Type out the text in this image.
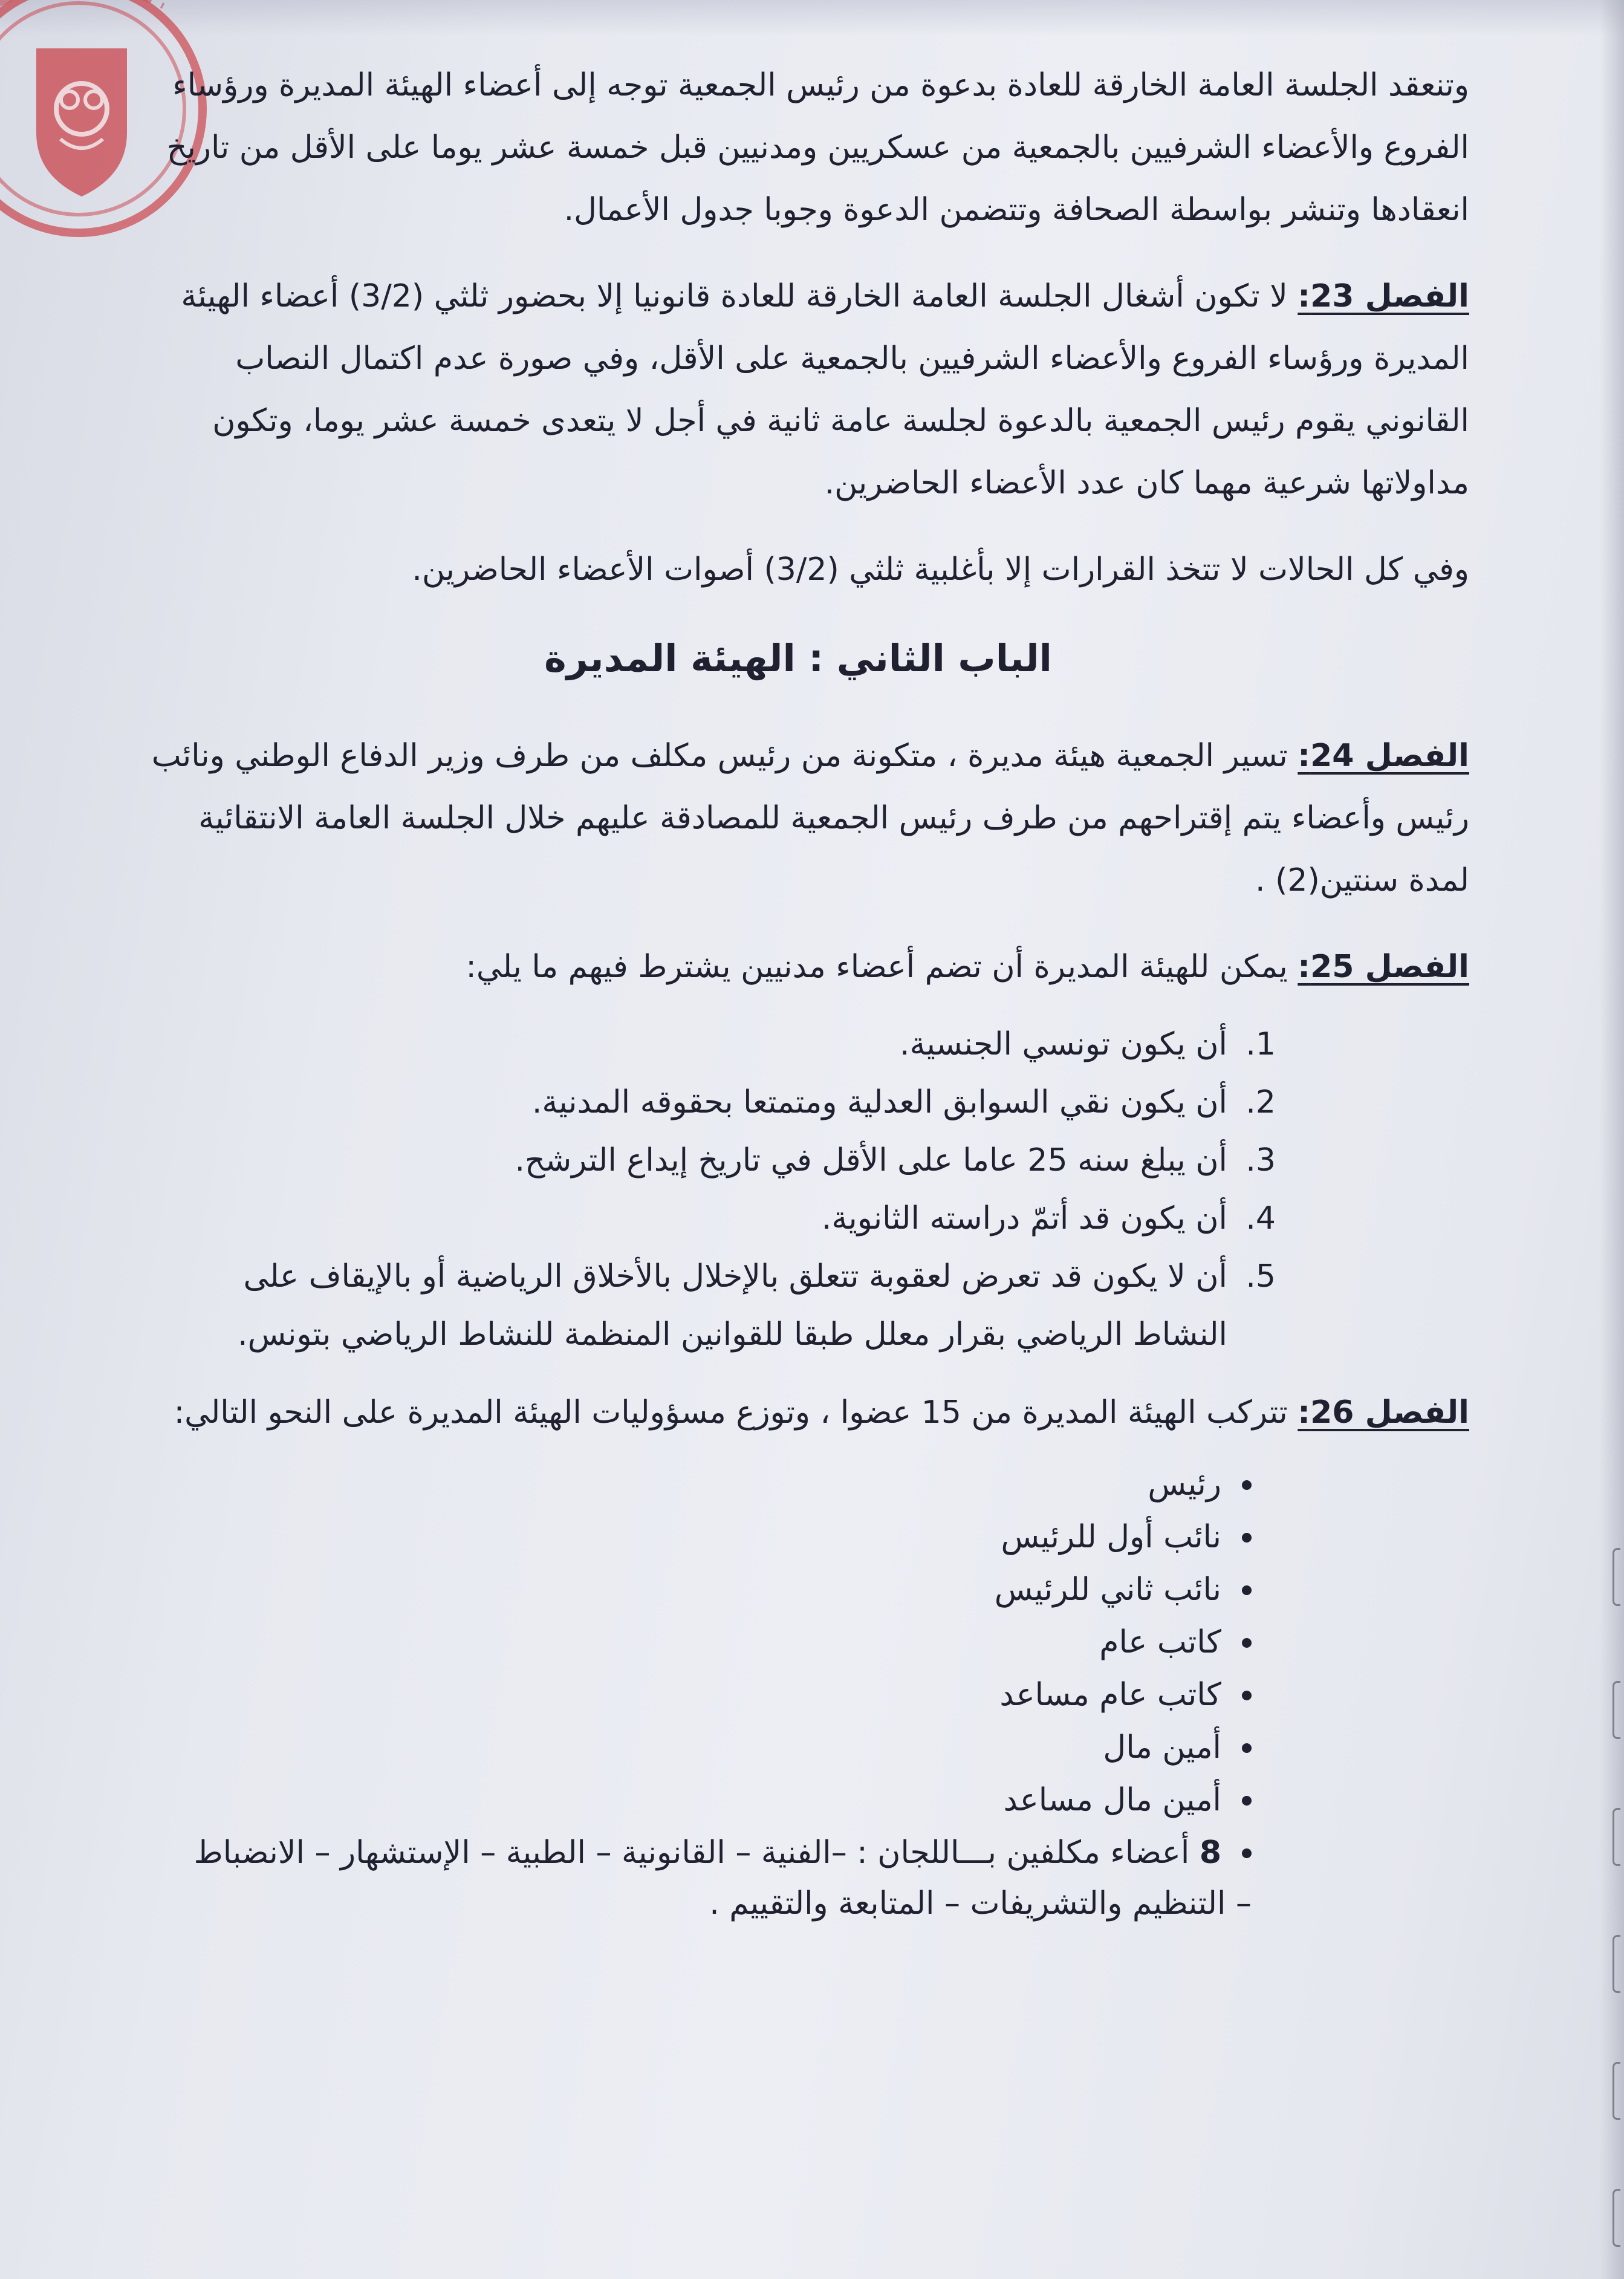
وتنعقد الجلسة العامة الخارقة للعادة بدعوة من رئيس الجمعية توجه إلى أعضاء الهيئة المديرة ورؤساء الفروع والأعضاء الشرفيين بالجمعية من عسكريين ومدنيين قبل خمسة عشر يوما على الأقل من تاريخ انعقادها وتنشر بواسطة الصحافة وتتضمن الدعوة وجوبا جدول الأعمال.

الفصل 23: لا تكون أشغال الجلسة العامة الخارقة للعادة قانونيا إلا بحضور ثلثي (3/2) أعضاء الهيئة المديرة ورؤساء الفروع والأعضاء الشرفيين بالجمعية على الأقل، وفي صورة عدم اكتمال النصاب القانوني يقوم رئيس الجمعية بالدعوة لجلسة عامة ثانية في أجل لا يتعدى خمسة عشر يوما، وتكون مداولاتها شرعية مهما كان عدد الأعضاء الحاضرين.

وفي كل الحالات لا تتخذ القرارات إلا بأغلبية ثلثي (3/2) أصوات الأعضاء الحاضرين.

الباب الثاني : الهيئة المديرة

الفصل 24: تسير الجمعية هيئة مديرة ، متكونة من رئيس مكلف من طرف وزير الدفاع الوطني ونائب رئيس وأعضاء يتم إقتراحهم من طرف رئيس الجمعية للمصادقة عليهم خلال الجلسة العامة الانتقائية لمدة سنتين(2) .

الفصل 25: يمكن للهيئة المديرة أن تضم أعضاء مدنيين يشترط فيهم ما يلي:

1.
أن يكون تونسي الجنسية.
2.
أن يكون نقي السوابق العدلية ومتمتعا بحقوقه المدنية.
3.
أن يبلغ سنه 25 عاما على الأقل في تاريخ إيداع الترشح.
4.
أن يكون قد أتمّ دراسته الثانوية.
5.
أن لا يكون قد تعرض لعقوبة تتعلق بالإخلال بالأخلاق الرياضية أو بالإيقاف على النشاط الرياضي بقرار معلل طبقا للقوانين المنظمة للنشاط الرياضي بتونس.

الفصل 26: تتركب الهيئة المديرة من 15 عضوا ، وتوزع مسؤوليات الهيئة المديرة على النحو التالي:

رئيس
نائب أول للرئيس
نائب ثاني للرئيس
كاتب عام
كاتب عام مساعد
أمين مال
أمين مال مساعد
8 أعضاء مكلفين بـــاللجان : –الفنية – القانونية – الطبية – الإستشهار – الانضباط
– التنظيم والتشريفات – المتابعة والتقييم .
